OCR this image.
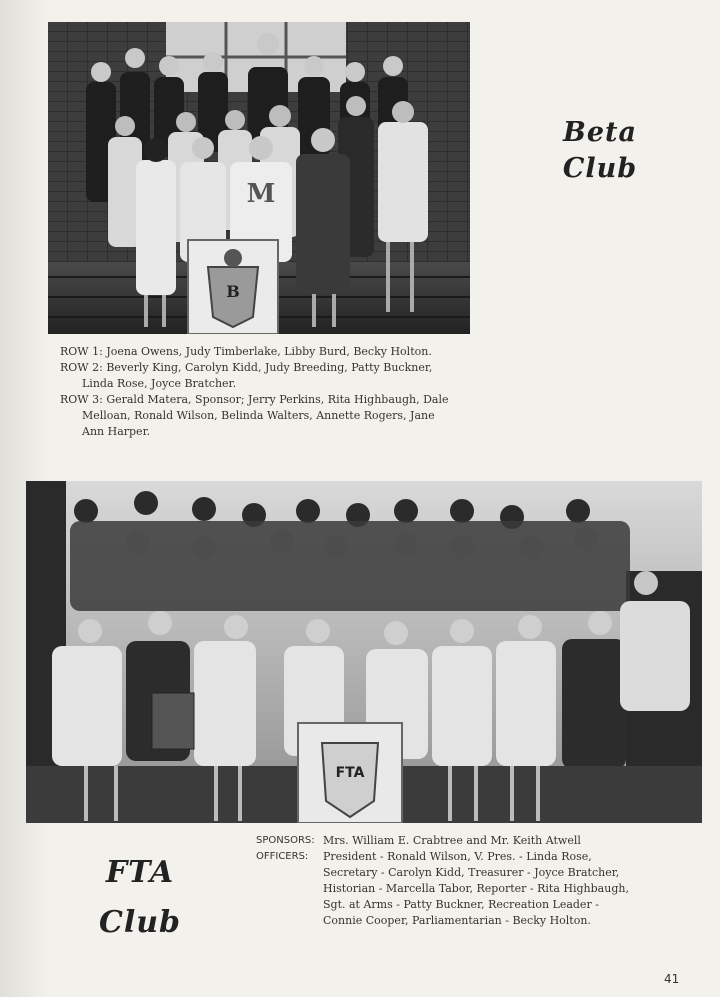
M
B
Beta
Club

ROW 1: Joena Owens, Judy Timberlake, Libby Burd, Becky Holton.

ROW 2: Beverly King, Carolyn Kidd, Judy Breeding, Patty Buckner,

Linda Rose, Joyce Bratcher.

ROW 3: Gerald Matera, Sponsor; Jerry Perkins, Rita Highbaugh, Dale

Melloan, Ronald Wilson, Belinda Walters, Annette Rogers, Jane

Ann Harper.

FTA
FTA
Club
SPONSORS: Mrs. William E. Crabtree and Mr. Keith Atwell
OFFICERS:	President - Ronald Wilson, V. Pres. - Linda Rose,
Secretary - Carolyn Kidd, Treasurer - Joyce Bratcher,
Historian - Marcella Tabor, Reporter - Rita Highbaugh,
Sgt. at Arms - Patty Buckner, Recreation Leader -
Connie Cooper, Parliamentarian - Becky Holton.
41
